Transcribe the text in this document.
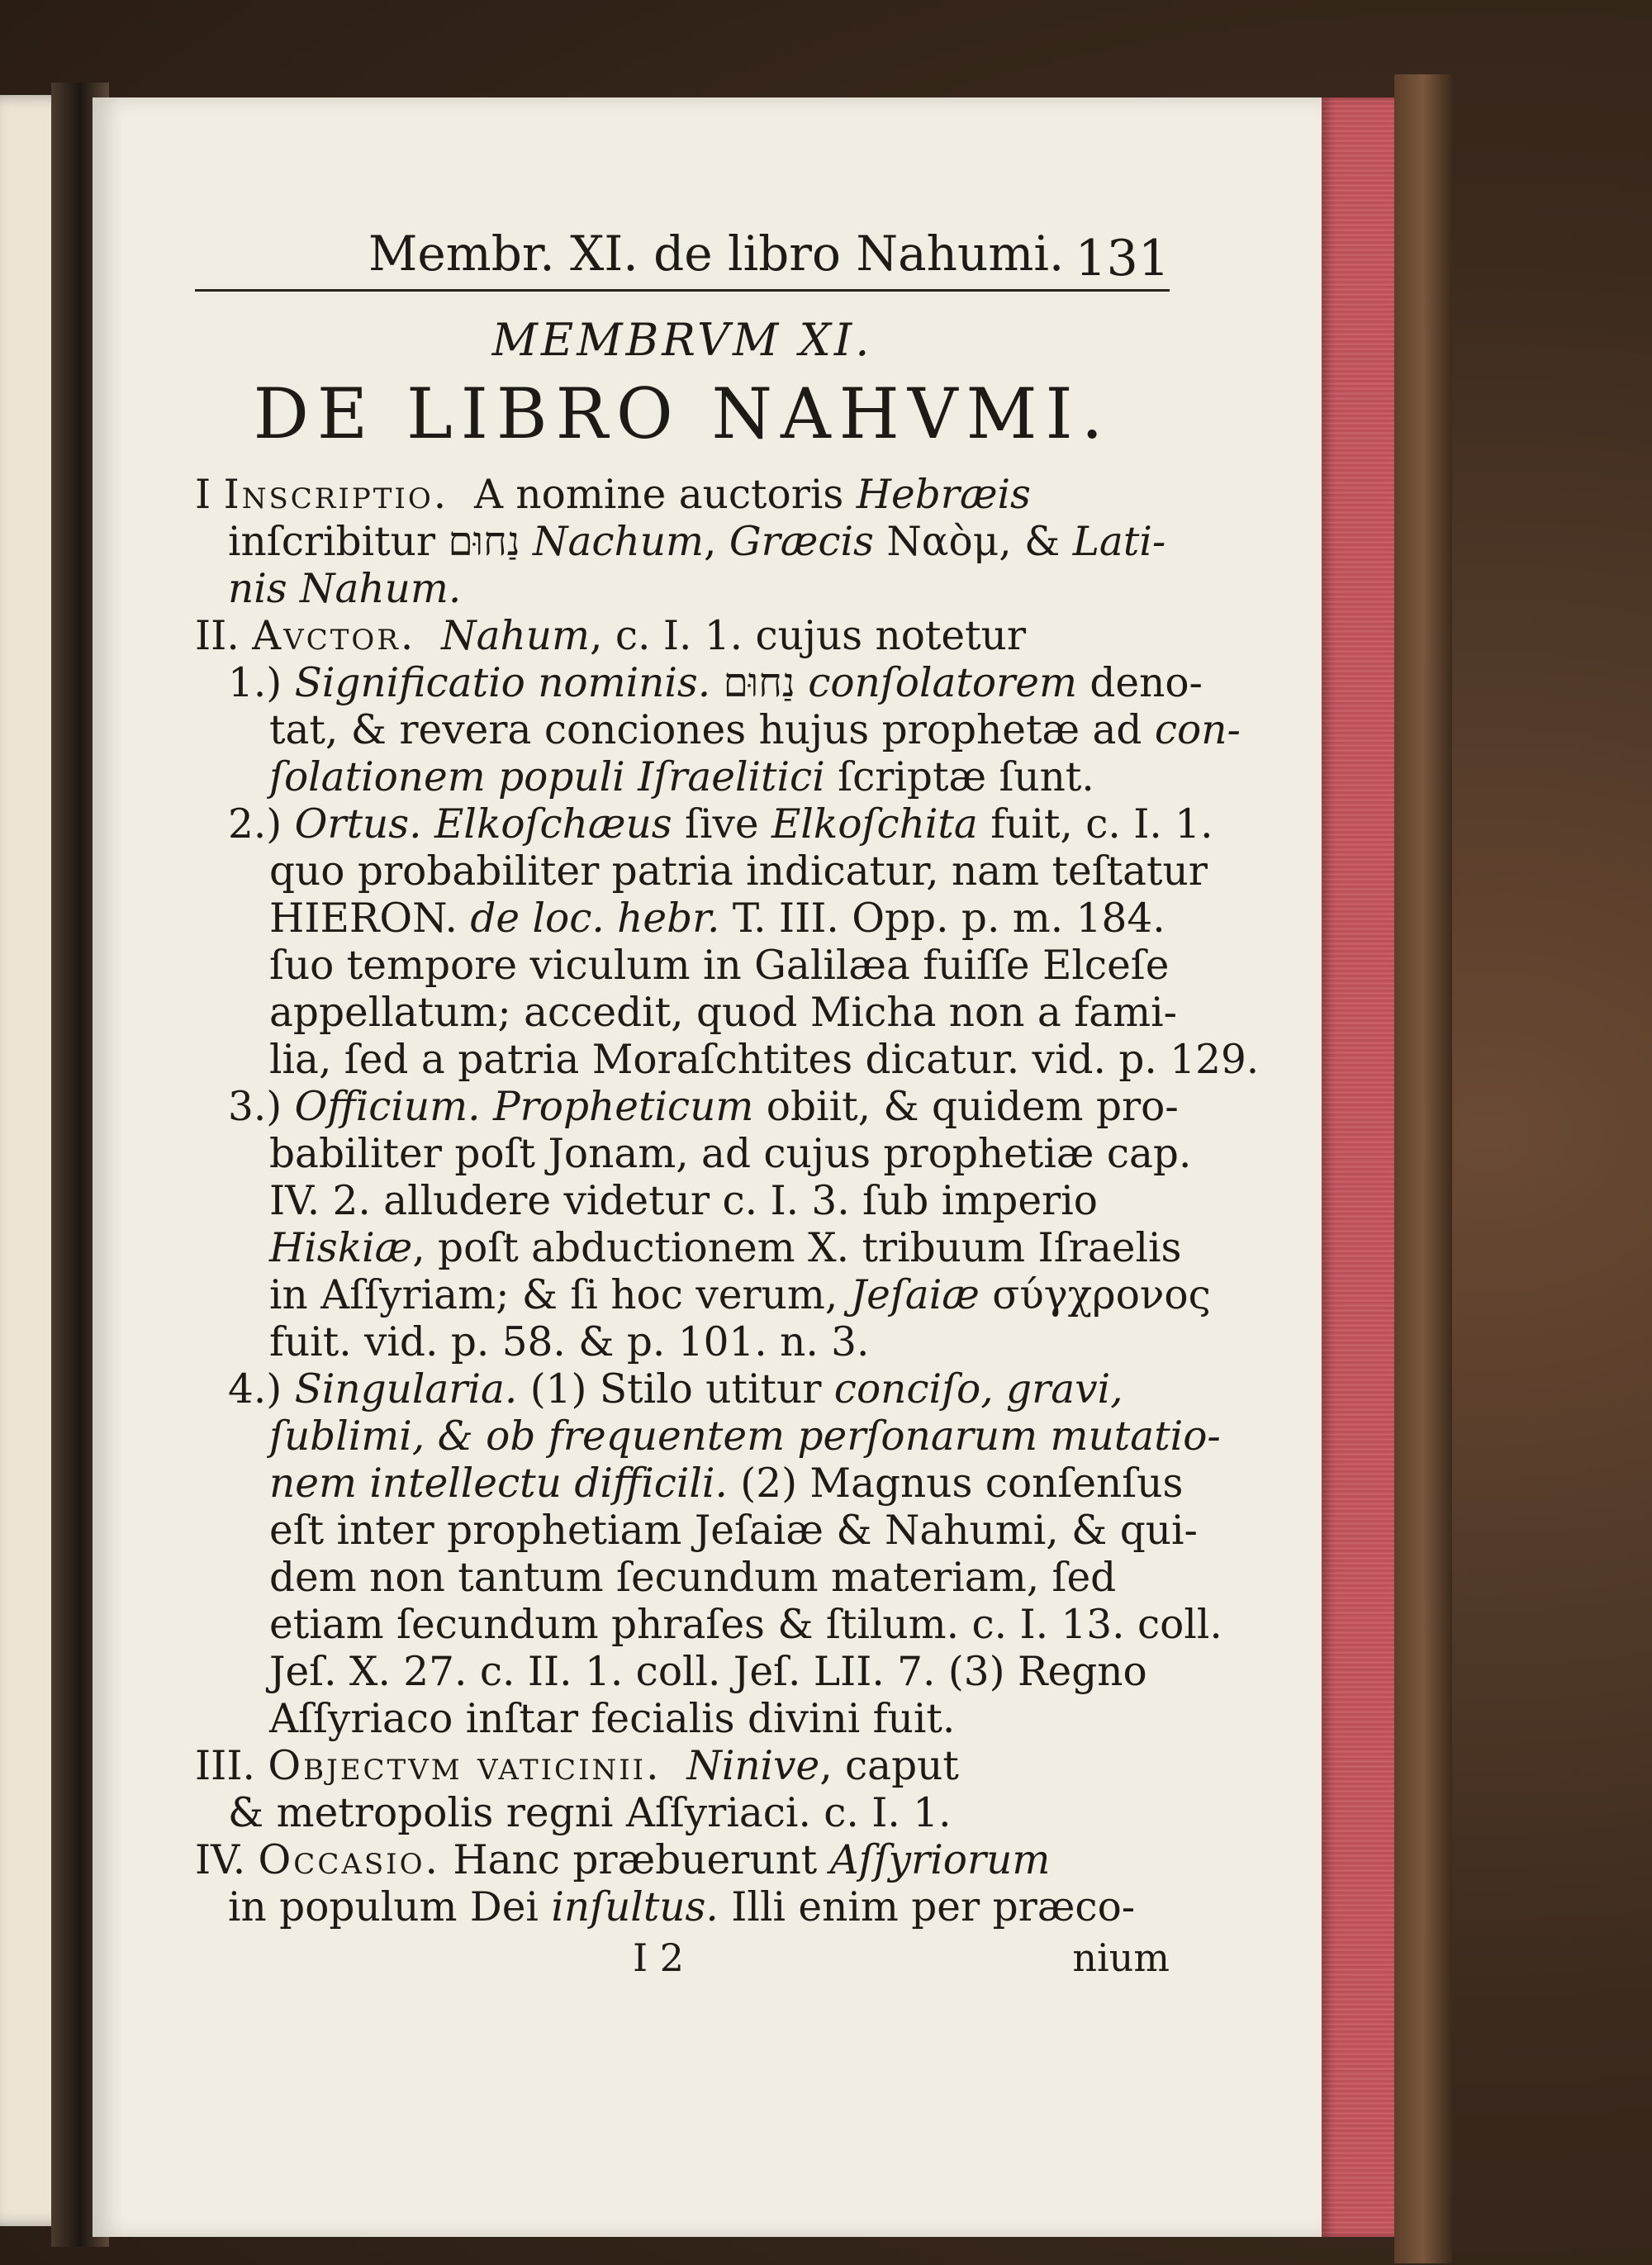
Membr. XI. de libro Nahumi. 131
MEMBRVM XI.
DE LIBRO NAHVMI.

I Inscriptio. A nomine auctoris Hebræis

inſcribitur נַחוּם Nachum, Græcis Ναὸμ, & Lati-

nis Nahum.

II. Avctor. Nahum, c. I. 1. cujus notetur

1.) Significatio nominis. נַחוּם conſolatorem deno-

tat, & revera conciones hujus prophetæ ad con-

ſolationem populi Iſraelitici ſcriptæ ſunt.

2.) Ortus. Elkoſchæus ſive Elkoſchita fuit, c. I. 1.

quo probabiliter patria indicatur, nam teſtatur

HIERON. de loc. hebr. T. III. Opp. p. m. 184.

ſuo tempore viculum in Galilæa fuiſſe Elceſe

appellatum; accedit, quod Micha non a fami-

lia, ſed a patria Moraſchtites dicatur. vid. p. 129.

3.) Officium. Propheticum obiit, & quidem pro-

babiliter poſt Jonam, ad cujus prophetiæ cap.

IV. 2. alludere videtur c. I. 3. ſub imperio

Hiskiæ, poſt abductionem X. tribuum Iſraelis

in Aſſyriam; & ſi hoc verum, Jeſaiæ σύγχρονος

fuit. vid. p. 58. & p. 101. n. 3.

4.) Singularia. (1) Stilo utitur conciſo, gravi,

ſublimi, & ob frequentem perſonarum mutatio-

nem intellectu difficili. (2) Magnus conſenſus

eſt inter prophetiam Jeſaiæ & Nahumi, & qui-

dem non tantum ſecundum materiam, ſed

etiam ſecundum phraſes & ſtilum. c. I. 13. coll.

Jeſ. X. 27. c. II. 1. coll. Jeſ. LII. 7. (3) Regno

Aſſyriaco inſtar fecialis divini fuit.

III. Objectvm vaticinii. Ninive, caput

& metropolis regni Aſſyriaci. c. I. 1.

IV. Occasio. Hanc præbuerunt Aſſyriorum

in populum Dei inſultus. Illi enim per præco-

I 2	nium
